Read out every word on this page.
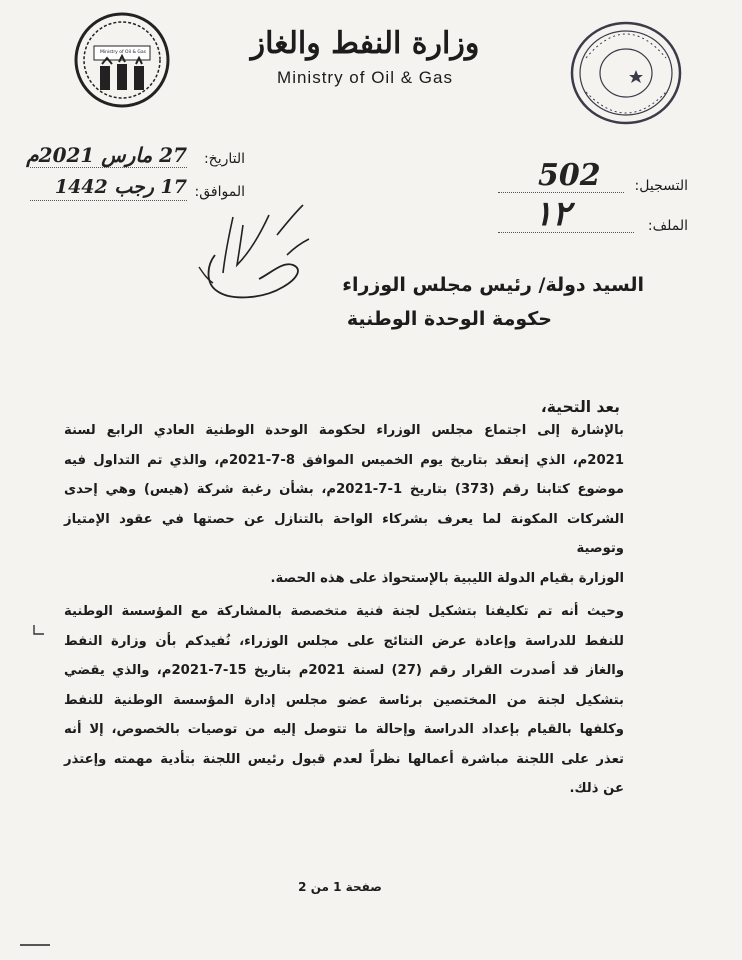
Ministry of Oil & Gas	وزارة النفط والغاز
Ministry of Oil & Gas
التاريخ:
27 مارس 2021م
الموافق:
17 رجب 1442	التسجيل:
502
الملف:
١٢
السيد دولة/ رئيس مجلس الوزراء
حكومة الوحدة الوطنية
بعد التحية،
بالإشارة إلى اجتماع مجلس الوزراء لحكومة الوحدة الوطنية العادي الرابع لسنة
2021م، الذي إنعقد بتاريخ يوم الخميس الموافق 8-7-2021م، والذي تم التداول فيه
موضوع كتابنا رقم (373) بتاريخ 1-7-2021م، بشأن رغبة شركة (هيس) وهي إحدى
الشركات المكونة لما يعرف بشركاء الواحة بالتنازل عن حصتها في عقود الإمتياز وتوصية
الوزارة بقيام الدولة الليبية بالإستحواذ على هذه الحصة.
وحيث أنه تم تكليفنا بتشكيل لجنة فنية متخصصة بالمشاركة مع المؤسسة الوطنية
للنفط للدراسة وإعادة عرض النتائج على مجلس الوزراء، نُفيدكم بأن وزارة النفط
والغاز قد أصدرت القرار رقم (27) لسنة 2021م بتاريخ 15-7-2021م، والذي يقضي
بتشكيل لجنة من المختصين برئاسة عضو مجلس إدارة المؤسسة الوطنية للنفط
وكلفها بالقيام بإعداد الدراسة وإحالة ما تتوصل إليه من توصيات بالخصوص، إلا أنه
تعذر على اللجنة مباشرة أعمالها نظراً لعدم قبول رئيس اللجنة بتأدية مهمته وإعتذر
عن ذلك.
صفحة 1 من 2
